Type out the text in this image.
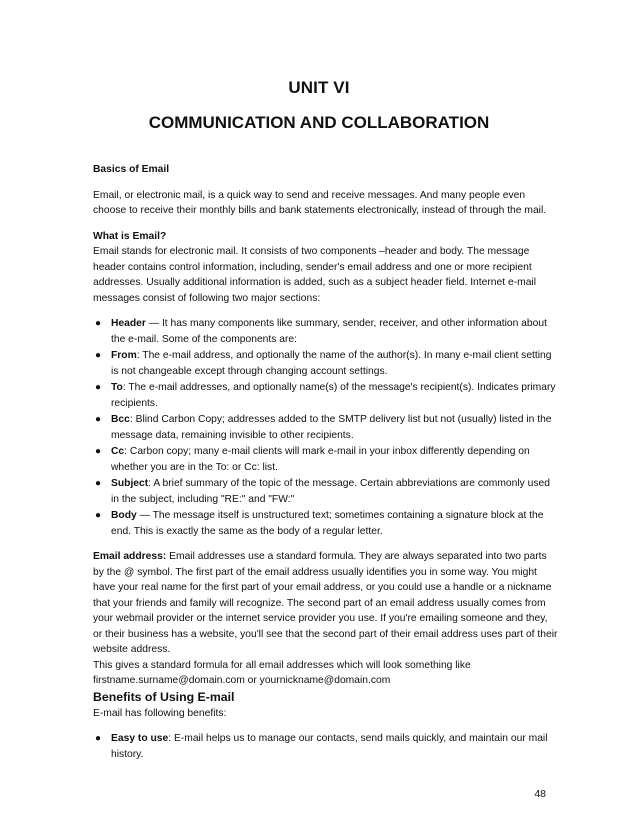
UNIT VI
COMMUNICATION AND COLLABORATION

Basics of Email

Email, or electronic mail, is a quick way to send and receive messages. And many people even choose to receive their monthly bills and bank statements electronically, instead of through the mail.

What is Email?

Email stands for electronic mail. It consists of two components –header and body. The message header contains control information, including, sender's email address and one or more recipient addresses. Usually additional information is added, such as a subject header field. Internet e-mail messages consist of following two major sections:

● Header — It has many components like summary, sender, receiver, and other information about the e-mail. Some of the components are:
● From: The e-mail address, and optionally the name of the author(s). In many e-mail client setting is not changeable except through changing account settings.
● To: The e-mail addresses, and optionally name(s) of the message's recipient(s). Indicates primary recipients.
● Bcc: Blind Carbon Copy; addresses added to the SMTP delivery list but not (usually) listed in the message data, remaining invisible to other recipients.
● Cc: Carbon copy; many e-mail clients will mark e-mail in your inbox differently depending on whether you are in the To: or Cc: list.
● Subject: A brief summary of the topic of the message. Certain abbreviations are commonly used in the subject, including "RE:" and "FW:"
● Body — The message itself is unstructured text; sometimes containing a signature block at the end. This is exactly the same as the body of a regular letter.

Email address: Email addresses use a standard formula. They are always separated into two parts by the @ symbol. The first part of the email address usually identifies you in some way. You might have your real name for the first part of your email address, or you could use a handle or a nickname that your friends and family will recognize. The second part of an email address usually comes from your webmail provider or the internet service provider you use. If you're emailing someone and they, or their business has a website, you'll see that the second part of their email address uses part of their website address.

This gives a standard formula for all email addresses which will look something like firstname.surname@domain.com or yournickname@domain.com

Benefits of Using E-mail

E-mail has following benefits:

● Easy to use: E-mail helps us to manage our contacts, send mails quickly, and maintain our mail history.
48
